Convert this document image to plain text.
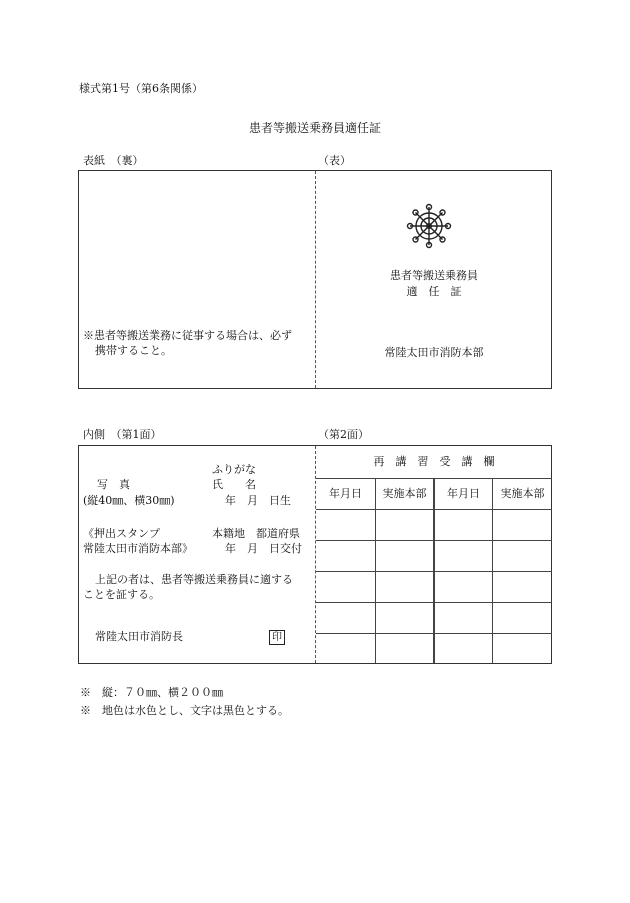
様式第1号（第6条関係）
患者等搬送乗務員適任証
表紙　（裏）	（表）
※患者等搬送業務に従事する場合は、必ず
携帯すること。
患者等搬送乗務員
適　任　証
常陸太田市消防本部
内側　（第1面）	（第2面）
ふりがな
写　真	氏　　名
(縦40㎜、横30㎜)	年　月　日生
《押出スタンプ	本籍地　都道府県
常陸太田市消防本部》	年　月　日交付
上記の者は、患者等搬送乗務員に適する
ことを証する。
常陸太田市消防長	印
再　講　習　受　講　欄
年月日	実施本部	年月日	実施本部
※　縦：７０㎜、横２００㎜
※　地色は水色とし、文字は黒色とする。
